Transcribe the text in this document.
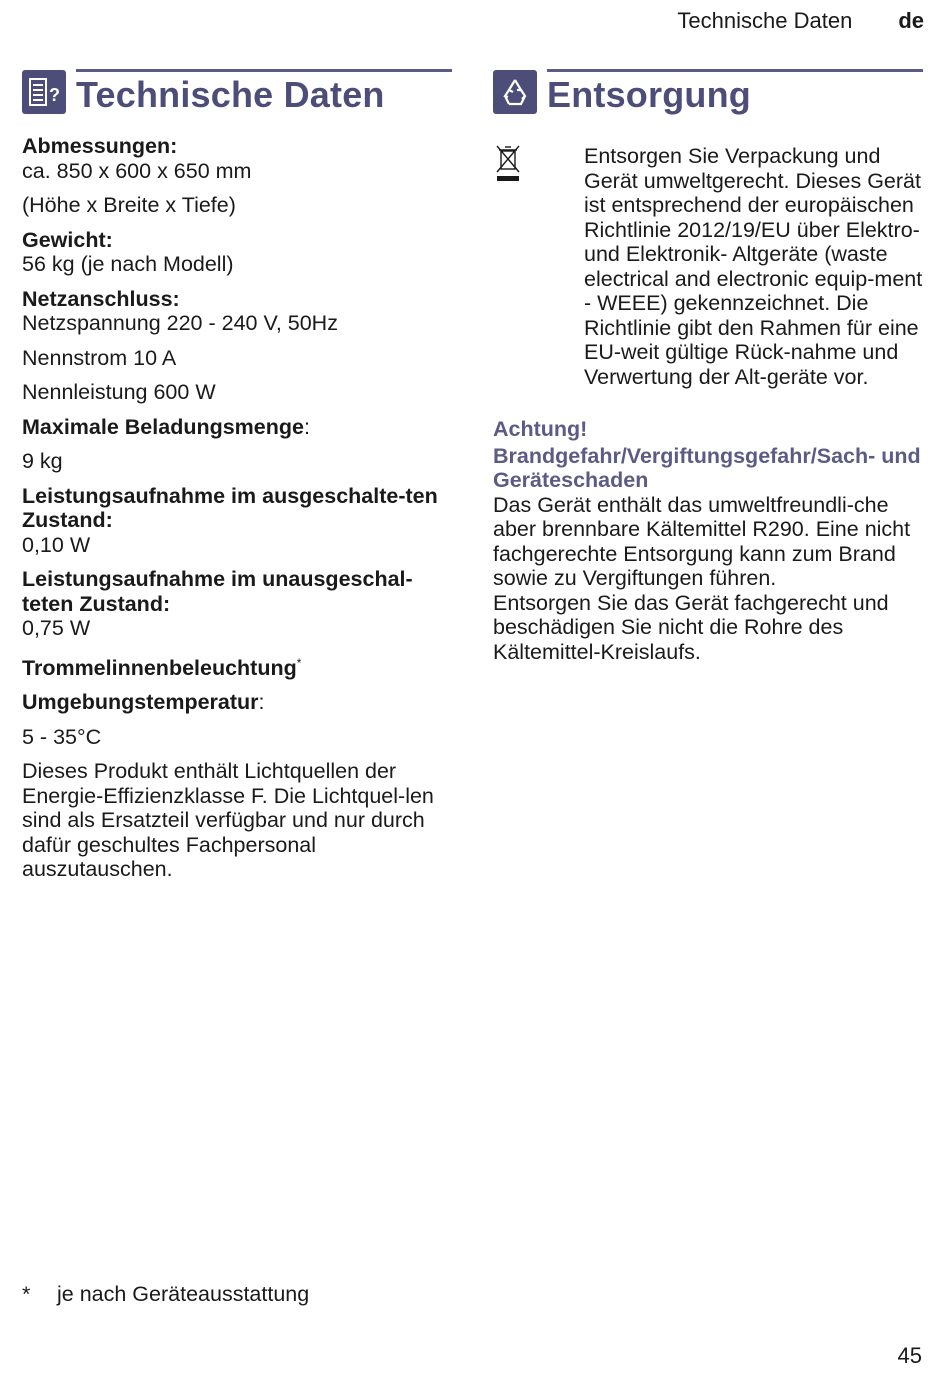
Technische Daten de
? Technische Daten

Abmessungen:

ca. 850 x 600 x 650 mm

(Höhe x Breite x Tiefe)

Gewicht:

56 kg (je nach Modell)

Netzanschluss:

Netzspannung 220 - 240 V, 50Hz

Nennstrom 10 A

Nennleistung 600 W

Maximale Beladungsmenge:

9 kg

Leistungsaufnahme im ausgeschalte-ten Zustand:

0,10 W

Leistungsaufnahme im unausgeschal-teten Zustand:

0,75 W

Trommelinnenbeleuchtung*

Umgebungstemperatur:

5 - 35°C

Dieses Produkt enthält Lichtquellen der Energie-Effizienzklasse F. Die Lichtquel-len sind als Ersatzteil verfügbar und nur durch dafür geschultes Fachpersonal auszutauschen.

Entsorgung
Entsorgen Sie Verpackung und Gerät umweltgerecht. Dieses Gerät ist entsprechend der europäischen Richtlinie 2012/19/EU über Elektro- und Elektronik- Altgeräte (waste electrical and electronic equip-ment - WEEE) gekennzeichnet. Die Richtlinie gibt den Rahmen für eine EU-weit gültige Rück-nahme und Verwertung der Alt-geräte vor.
Achtung!
Brandgefahr/Vergiftungsgefahr/Sach- und Geräteschaden

Das Gerät enthält das umweltfreundli-che aber brennbare Kältemittel R290. Eine nicht fachgerechte Entsorgung kann zum Brand sowie zu Vergiftungen führen.

Entsorgen Sie das Gerät fachgerecht und beschädigen Sie nicht die Rohre des Kältemittel-Kreislaufs.

* je nach Geräteausstattung
45
